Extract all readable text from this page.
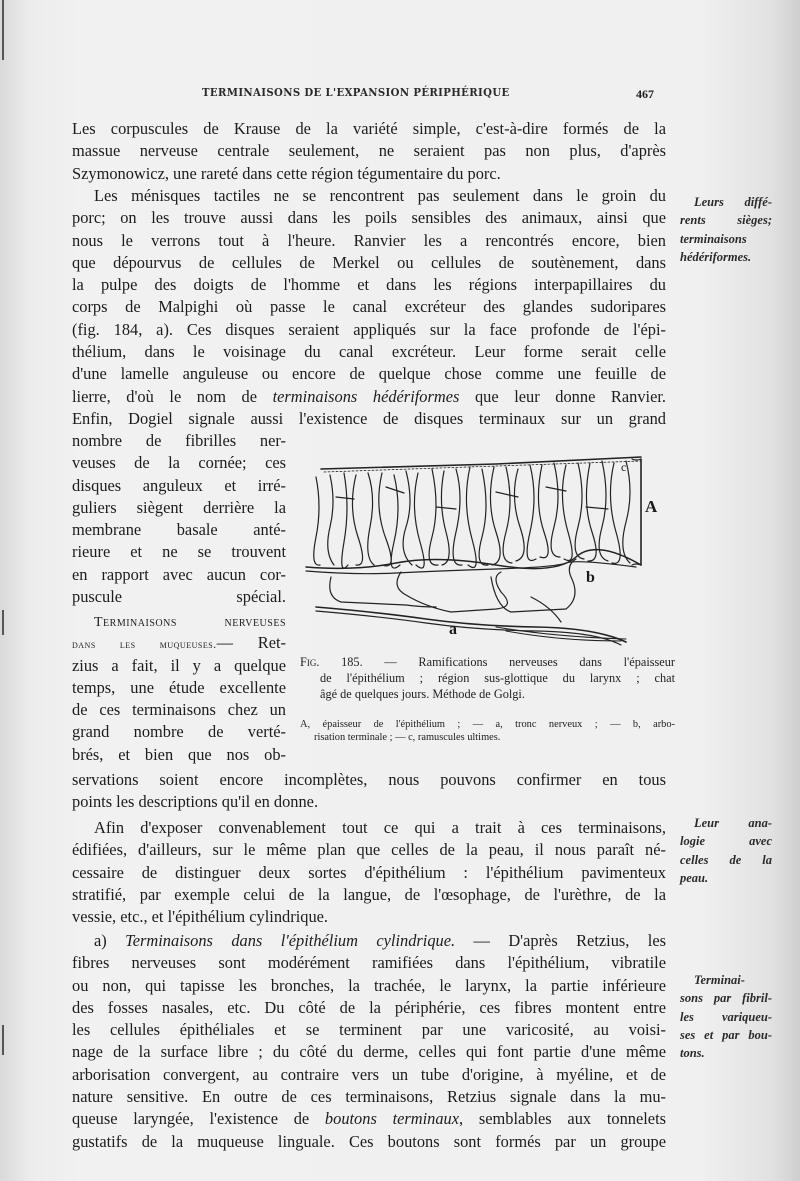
TERMINAISONS DE L'EXPANSION PÉRIPHÉRIQUE	467
Les corpuscules de Krause de la variété simple, c'est-à-dire formés de la
massue nerveuse centrale seulement, ne seraient pas non plus, d'après
Szymonowicz, une rareté dans cette région tégumentaire du porc.
Les ménisques tactiles ne se rencontrent pas seulement dans le groin du
porc; on les trouve aussi dans les poils sensibles des animaux, ainsi que
nous le verrons tout à l'heure. Ranvier les a rencontrés encore, bien
que dépourvus de cellules de Merkel ou cellules de soutènement, dans
la pulpe des doigts de l'homme et dans les régions interpapillaires du
corps de Malpighi où passe le canal excréteur des glandes sudoripares
(fig. 184, a). Ces disques seraient appliqués sur la face profonde de l'épi-
thélium, dans le voisinage du canal excréteur. Leur forme serait celle
d'une lamelle anguleuse ou encore de quelque chose comme une feuille de
lierre, d'où le nom de terminaisons hédériformes que leur donne Ranvier.
Enfin, Dogiel signale aussi l'existence de disques terminaux sur un grand
nombre de fibrilles ner-
veuses de la cornée; ces
disques anguleux et irré-
guliers siègent derrière la
membrane basale anté-
rieure et ne se trouvent
en rapport avec aucun cor-
puscule spécial.
Terminaisons nerveuses
dans les muqueuses.— Ret-
zius a fait, il y a quelque
temps, une étude excellente
de ces terminaisons chez un
grand nombre de verté-
brés, et bien que nos ob-
A
c
b
a
Fig. 185. — Ramifications nerveuses dans l'épaisseur
de l'épithélium ; région sus-glottique du larynx ; chat
âgé de quelques jours. Méthode de Golgi.
A, épaisseur de l'épithélium ; — a, tronc nerveux ; — b, arbo-
risation terminale ; — c, ramuscules ultimes.
servations soient encore incomplètes, nous pouvons confirmer en tous
points les descriptions qu'il en donne.
Afin d'exposer convenablement tout ce qui a trait à ces terminaisons,
édifiées, d'ailleurs, sur le même plan que celles de la peau, il nous paraît né-
cessaire de distinguer deux sortes d'épithélium : l'épithélium pavimenteux
stratifié, par exemple celui de la langue, de l'œsophage, de l'urèthre, de la
vessie, etc., et l'épithélium cylindrique.
a) Terminaisons dans l'épithélium cylindrique. — D'après Retzius, les
fibres nerveuses sont modérément ramifiées dans l'épithélium, vibratile
ou non, qui tapisse les bronches, la trachée, le larynx, la partie inférieure
des fosses nasales, etc. Du côté de la périphérie, ces fibres montent entre
les cellules épithéliales et se terminent par une varicosité, au voisi-
nage de la surface libre ; du côté du derme, celles qui font partie d'une même
arborisation convergent, au contraire vers un tube d'origine, à myéline, et de
nature sensitive. En outre de ces terminaisons, Retzius signale dans la mu-
queuse laryngée, l'existence de boutons terminaux, semblables aux tonnelets
gustatifs de la muqueuse linguale. Ces boutons sont formés par un groupe
Leurs diffé-
rents sièges;
terminaisons
hédériformes.
Leur ana-
logie avec
celles de la
peau.
Terminai-
sons par fibril-
les variqueu-
ses et par bou-
tons.
